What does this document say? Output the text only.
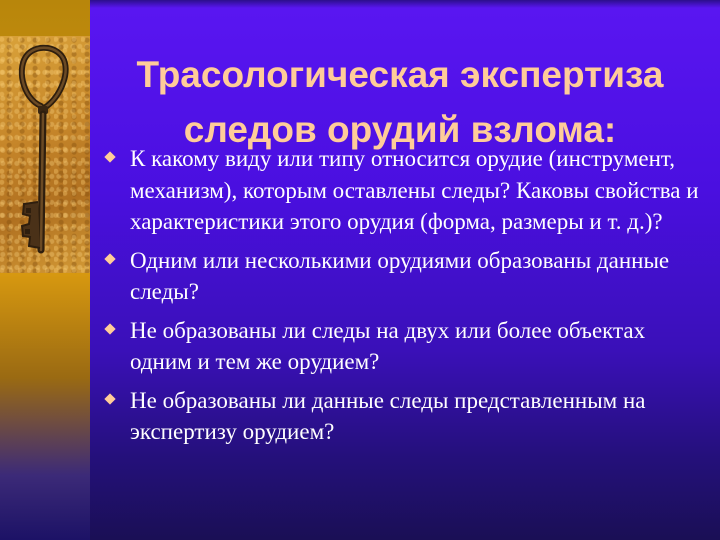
Трасологическая экспертиза
следов орудий взлома:
К какому виду или типу относится орудие (инструмент, механизм), которым оставлены следы? Каковы свойства и характеристики этого орудия (форма, размеры и т. д.)?
Одним или несколькими орудиями образованы данные следы?
Не образованы ли следы на двух или более объектах одним и тем же орудием?
Не образованы ли данные следы представленным на экспертизу орудием?
